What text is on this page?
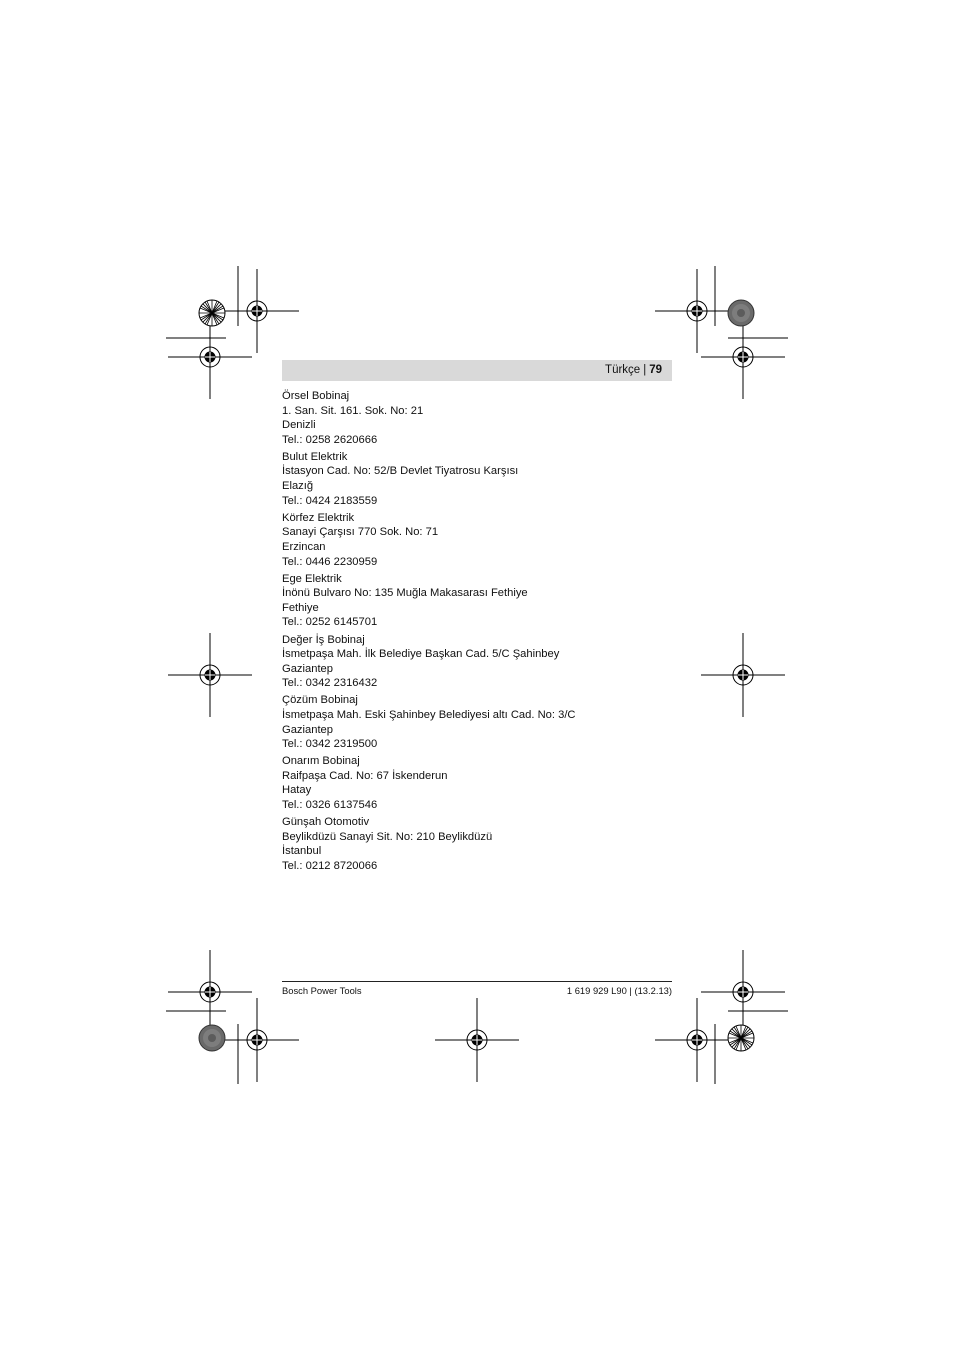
Türkçe | 79
Örsel Bobinaj
1. San. Sit. 161. Sok. No: 21
Denizli
Tel.: 0258 2620666
Bulut Elektrik
İstasyon Cad. No: 52/B Devlet Tiyatrosu Karşısı
Elazığ
Tel.: 0424 2183559
Körfez Elektrik
Sanayi Çarşısı 770 Sok. No: 71
Erzincan
Tel.: 0446 2230959
Ege Elektrik
İnönü Bulvaro No: 135 Muğla Makasarası Fethiye
Fethiye
Tel.: 0252 6145701
Değer İş Bobinaj
İsmetpaşa Mah. İlk Belediye Başkan Cad. 5/C Şahinbey
Gaziantep
Tel.: 0342 2316432
Çözüm Bobinaj
İsmetpaşa Mah. Eski Şahinbey Belediyesi altı Cad. No: 3/C
Gaziantep
Tel.: 0342 2319500
Onarım Bobinaj
Raifpaşa Cad. No: 67 İskenderun
Hatay
Tel.: 0326 6137546
Günşah Otomotiv
Beylikdüzü Sanayi Sit. No: 210 Beylikdüzü
İstanbul
Tel.: 0212 8720066
Bosch Power Tools	1 619 929 L90 | (13.2.13)
